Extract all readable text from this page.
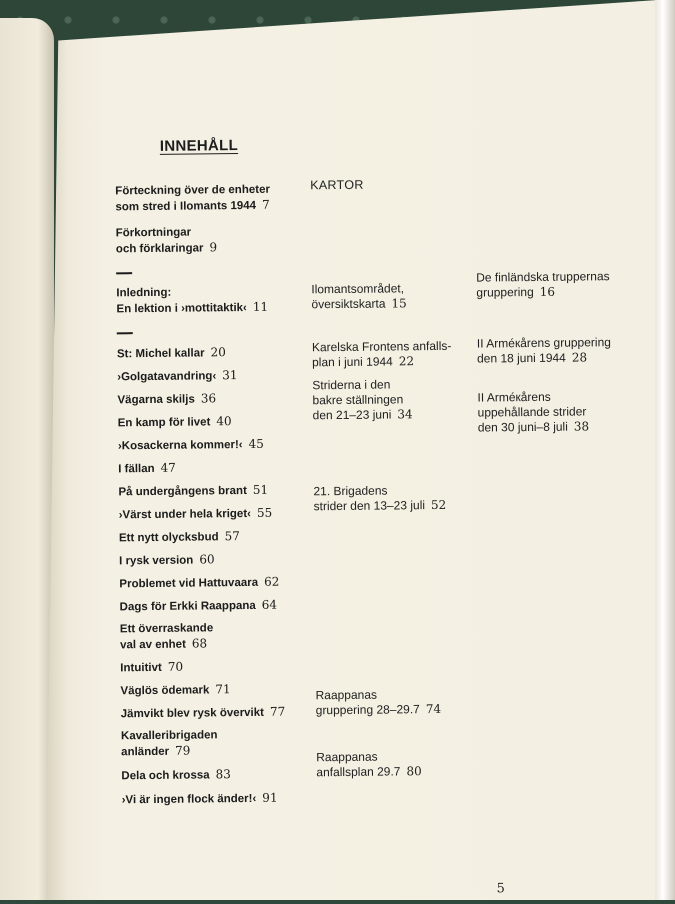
INNEHÅLL
Förteckning över de enheter
som stred i Ilomants 1944 7
Förkortningar
och förklaringar 9
Inledning:
En lektion i ›mottitaktik‹ 11
St: Michel kallar 20
›Golgatavandring‹ 31
Vägarna skiljs 36
En kamp för livet 40
›Kosackerna kommer!‹ 45
I fällan 47
På undergångens brant 51
›Värst under hela kriget‹ 55
Ett nytt olycksbud 57
I rysk version 60
Problemet vid Hattuvaara 62
Dags för Erkki Raappana 64
Ett överraskande
val av enhet 68
Intuitivt 70
Väglös ödemark 71
Jämvikt blev rysk övervikt 77
Kavalleribrigaden
anländer 79
Dela och krossa 83
›Vi är ingen flock änder!‹ 91
KARTOR
Ilomantsområdet,
översiktskarta 15
Karelska Frontens anfalls-
plan i juni 1944 22
Striderna i den
bakre ställningen
den 21–23 juni 34
21. Brigadens
strider den 13–23 juli 52
Raappanas
gruppering 28–29.7 74
Raappanas
anfallsplan 29.7 80
De finländska truppernas
gruppering 16
II Arméкårens gruppering
den 18 juni 1944 28
II Arméкårens
uppehållande strider
den 30 juni–8 juli 38
5
